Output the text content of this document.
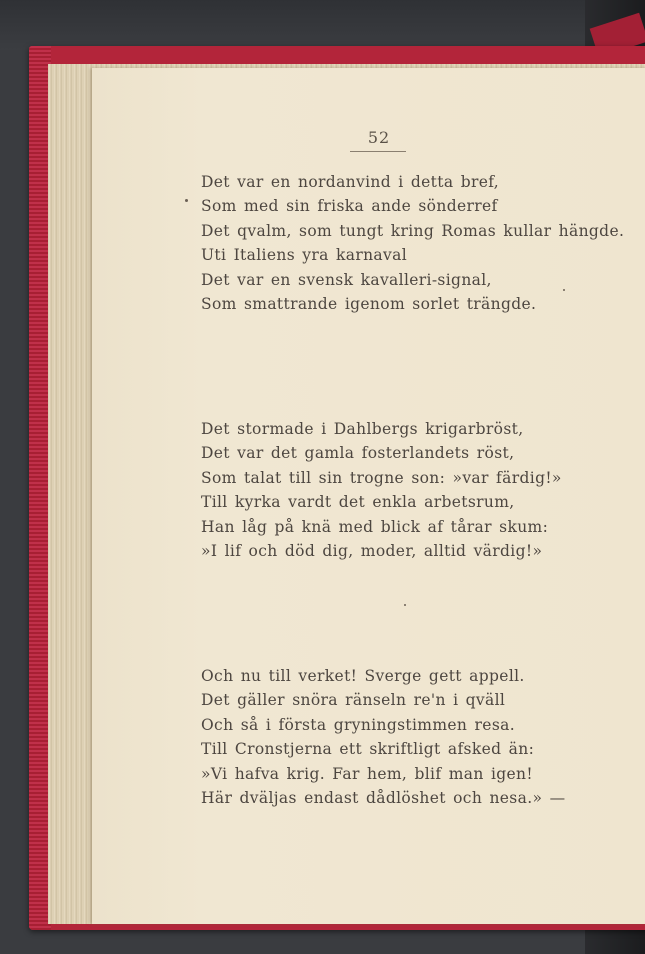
52
Det var en nordanvind i detta bref,
Som med sin friska ande sönderref
Det qvalm, som tungt kring Romas kullar hängde.
Uti Italiens yra karnaval
Det var en svensk kavalleri-signal,
Som smattrande igenom sorlet trängde.
Det stormade i Dahlbergs krigarbröst,
Det var det gamla fosterlandets röst,
Som talat till sin trogne son: »var färdig!»
Till kyrka vardt det enkla arbetsrum,
Han låg på knä med blick af tårar skum:
»I lif och död dig, moder, alltid värdig!»
Och nu till verket! Sverge gett appell.
Det gäller snöra ränseln re'n i qväll
Och så i första gryningstimmen resa.
Till Cronstjerna ett skriftligt afsked än:
»Vi hafva krig. Far hem, blif man igen!
Här dväljas endast dådlöshet och nesa.» —
